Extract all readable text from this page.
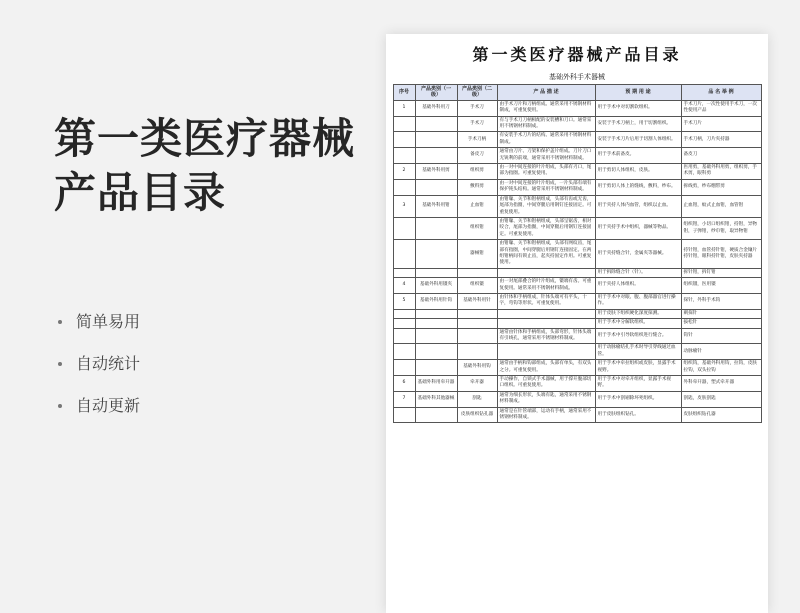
第一类医疗器械
产品目录
简单易用
自动统计
自动更新
第一类医疗器械产品目录
基础外科手术器械
序号	产品类别（一级）	产品类别（二级）	产 品 描 述	预 期 用 途	品 名 举 例
1	基础外科用刀	手术刀	由手术刀片和刀柄组成。通常采用不锈钢材料制成，可重复使用。	用于手术中对切割软组织。	手术刀片，一次性使用手术刀，一次性使用产品
		手术刀	有与手术刀刀柄相配的安装槽和刀口。通常采用不锈钢材料制成。	安装于手术刀柄上，用于切割组织。	手术刀片
		手术刀柄	有安装手术刀片的结构。通常采用不锈钢材料制成。	安装于手术刀片后用于切割人体组织。	手术刀柄，刀片夹持器
		备皮刀	通常由刀片、刀架和保护盖片组成。刀片刀口无锐利的前端，通常采用不锈钢材料制成。	用于手术前备皮。	备皮刀
2	基础外科用剪	组织剪	由一对中间连接的叶片组成，头部有刃口，尾部为指圈。可重复使用。	用于剪切人体组织，皮肤。	医用剪，基础外科用剪，组织剪，手术剪，眼科剪
		敷料剪	由一对中间连接的叶片组成，一片头部有端有保护钝头结构。通常采用不锈钢材料制成。	用于剪切人体上的缝线，敷料，纱布。	拆线剪，纱布绷带剪
3	基础外科用钳	止血钳	由钳喙、关节和钳柄组成，头部有齿或无齿，尾部为指圈，中间穿腿后用钢钉连接固定。可重复使用。	用于夹持人体内血管，组织以止血。	止血钳，蚊式止血钳，血管钳
		组织钳	由钳喙、关节和钳柄组成，头部呈锯齿，相对咬合，尾部为指圈，中间穿腿后用钢钉连接固定。可重复使用。	用于夹持手术中组织，器械等物品。	组织钳，小切口组织钳，持钳，异物钳，子弹钳，纱巾钳，取异物钳
		器械钳	由钳喙、关节和钳柄组成，头部有网纹齿，尾部有指圈，中间穿腿后用钢钉连接固定。在两组钳柄间有锁止齿，起夹持固定作用。可重复使用。	用于夹持缝合针，金属夹等器械。	持针钳，血管持针钳，硬质合金镶片持针钳，眼科持针钳，皮肤夹持器
				用于拆除缝合针（针）。	拆针钳，拆钉钳
4	基础外科用镊夹	组织镊	由一对尾部叠合的叶片组成，镊端有齿。可重复使用。通常采用不锈钢材料制成。	用于夹持人体组织。	组织镊，医用镊
5	基础外科用针钩	基础外科用针	由针体和手柄组成，针体头端可有平头，十字，弯钩等形状。可重复使用。	用于手术中对眼、腹、腹部器官进行操作。	探针，外科手术钩
				用于皮肤下组织硬化深度探测。	刺探针
				用于手术中分解软组织。	拔松针
			通常由针体和手柄组成，头部弯形，针体头端有引线孔，通常采用不锈钢材料制成。	用于手术中引导软组织进行缝合。	钩针
				用于动脉瘤结扎手术时导引穿线通过血管。	动脉瘤针
		基础外科用钩	通常由手柄和钩部组成，头部有单头，有双头之分。可重复使用。	用于手术中牵拉组织或皮肤，显露手术视野。	组织钩，基础外科用钩，拉钩，皮肤拉钩，双头拉钩
6	基础外科用牵开器	牵开器	手动操作，自锁式手术器械，用于撑开腹部切口组织。可重复使用。	用于手术中对牵开组织，显露手术视野。	外科牵开器，塑式牵开器
7	基础外科其他器械	刮匙	通常为细长形状，头端有匙，通常采用不锈钢材料制成。	用于手术中刮剔除坏死组织。	刮匙，皮肤刮匙
		皮肤组织钻孔器	通常是在针管端部，运动有手柄，通常采用不锈钢材料制成。	用于皮肤组织钻孔。	皮肤组织钻孔器
